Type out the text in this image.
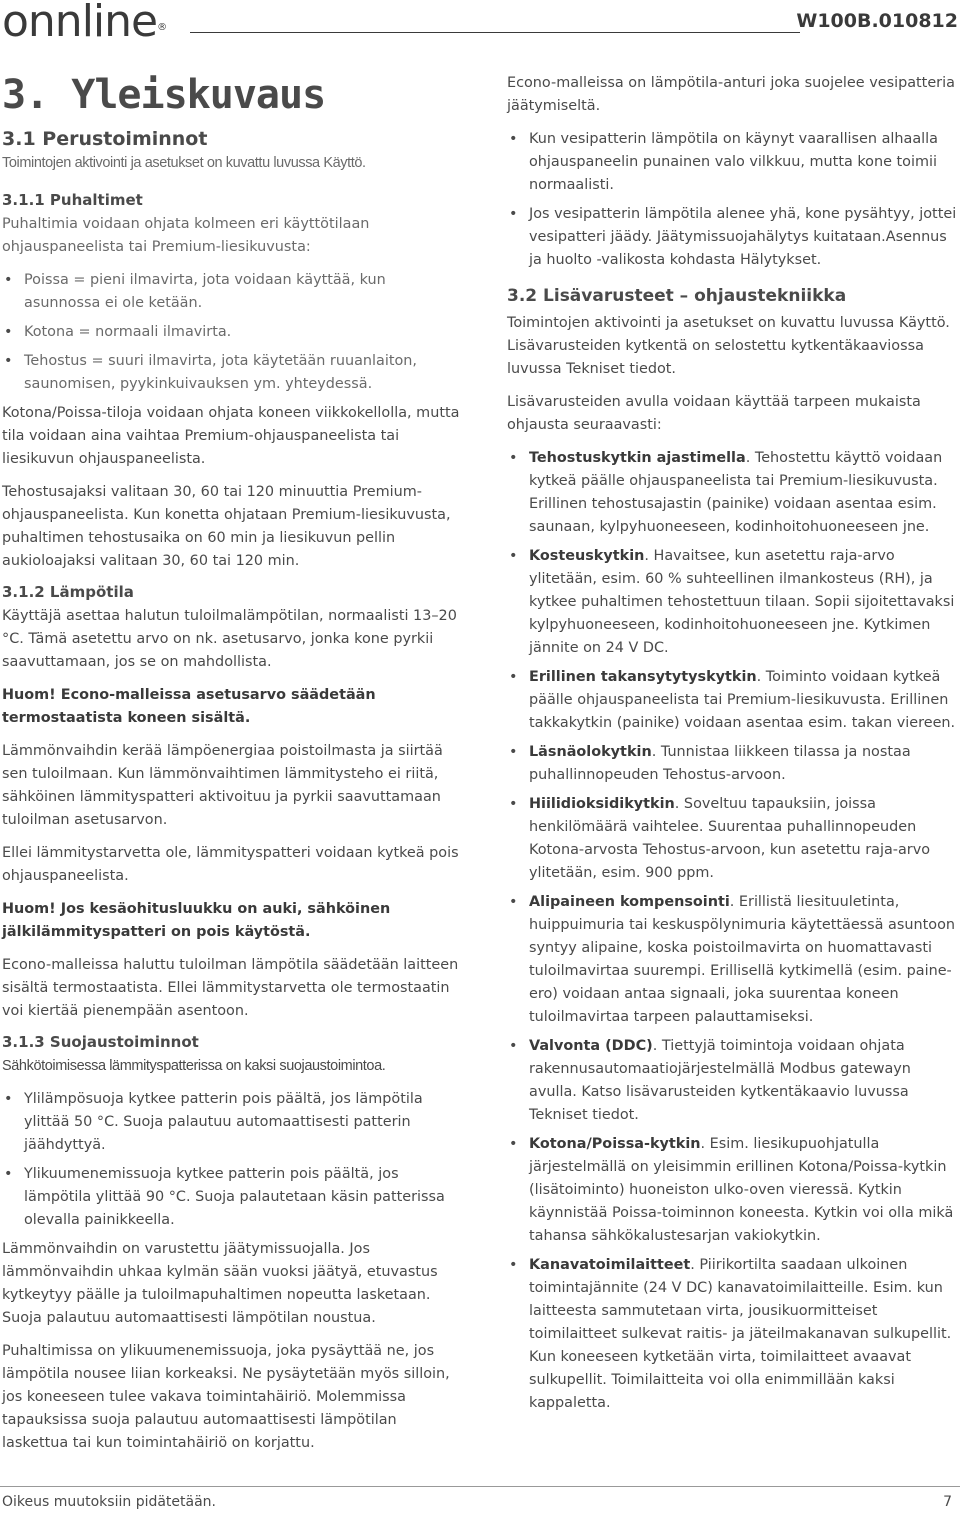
onnline®	W100B.010812
3. Yleiskuvaus
3.1 Perustoiminnot

Toimintojen aktivointi ja asetukset on kuvattu luvussa Käyttö.

3.1.1 Puhaltimet

Puhaltimia voidaan ohjata kolmeen eri käyttötilaan ohjauspaneelista tai Premium-liesikuvusta:

• Poissa = pieni ilmavirta, jota voidaan käyttää, kun asunnossa ei ole ketään.
• Kotona = normaali ilmavirta.
• Tehostus = suuri ilmavirta, jota käytetään ruuanlaiton, saunomisen, pyykinkuivauksen ym. yhteydessä.

Kotona/Poissa-tiloja voidaan ohjata koneen viikkokellolla, mutta tila voidaan aina vaihtaa Premium-ohjauspaneelista tai liesikuvun ohjauspaneelista.

Tehostusajaksi valitaan 30, 60 tai 120 minuuttia Premium-ohjauspaneelista. Kun konetta ohjataan Premium-liesikuvusta, puhaltimen tehostusaika on 60 min ja liesikuvun pellin aukioloajaksi valitaan 30, 60 tai 120 min.

3.1.2 Lämpötila

Käyttäjä asettaa halutun tuloilmalämpötilan, normaalisti 13–20 °C. Tämä asetettu arvo on nk. asetusarvo, jonka kone pyrkii saavuttamaan, jos se on mahdollista.

Huom! Econo-malleissa asetusarvo säädetään termostaatista koneen sisältä.

Lämmönvaihdin kerää lämpöenergiaa poistoilmasta ja siirtää sen tuloilmaan. Kun lämmönvaihtimen lämmitysteho ei riitä, sähköinen lämmityspatteri aktivoituu ja pyrkii saavuttamaan tuloilman asetusarvon.

Ellei lämmitystarvetta ole, lämmityspatteri voidaan kytkeä pois ohjauspaneelista.

Huom! Jos kesäohitusluukku on auki, sähköinen jälkilämmityspatteri on pois käytöstä.

Econo-malleissa haluttu tuloilman lämpötila säädetään laitteen sisältä termostaatista. Ellei lämmitystarvetta ole termostaatin voi kiertää pienempään asentoon.

3.1.3 Suojaustoiminnot

Sähkötoimisessa lämmityspatterissa on kaksi suojaustoimintoa.

• Ylilämpösuoja kytkee patterin pois päältä, jos lämpötila ylittää 50 °C. Suoja palautuu automaattisesti patterin jäähdyttyä.
• Ylikuumenemissuoja kytkee patterin pois päältä, jos lämpötila ylittää 90 °C. Suoja palautetaan käsin patterissa olevalla painikkeella.

Lämmönvaihdin on varustettu jäätymissuojalla. Jos lämmönvaihdin uhkaa kylmän sään vuoksi jäätyä, etuvastus kytkeytyy päälle ja tuloilmapuhaltimen nopeutta lasketaan. Suoja palautuu automaattisesti lämpötilan noustua.

Puhaltimissa on ylikuumenemissuoja, joka pysäyttää ne, jos lämpötila nousee liian korkeaksi. Ne pysäytetään myös silloin, jos koneeseen tulee vakava toimintahäiriö. Molemmissa tapauksissa suoja palautuu automaattisesti lämpötilan laskettua tai kun toimintahäiriö on korjattu.

Econo-malleissa on lämpötila-anturi joka suojelee vesipatteria jäätymiseltä.

• Kun vesipatterin lämpötila on käynyt vaarallisen alhaalla ohjauspaneelin punainen valo vilkkuu, mutta kone toimii normaalisti.
• Jos vesipatterin lämpötila alenee yhä, kone pysähtyy, jottei vesipatteri jäädy. Jäätymissuojahälytys kuitataan.Asennus ja huolto -valikosta kohdasta Hälytykset.
3.2 Lisävarusteet – ohjaustekniikka

Toimintojen aktivointi ja asetukset on kuvattu luvussa Käyttö. Lisävarusteiden kytkentä on selostettu kytkentäkaaviossa luvussa Tekniset tiedot.

Lisävarusteiden avulla voidaan käyttää tarpeen mukaista ohjausta seuraavasti:

• Tehostuskytkin ajastimella. Tehostettu käyttö voidaan kytkeä päälle ohjauspaneelista tai Premium-liesikuvusta. Erillinen tehostusajastin (painike) voidaan asentaa esim. saunaan, kylpyhuoneeseen, kodinhoitohuoneeseen jne.
• Kosteuskytkin. Havaitsee, kun asetettu raja-arvo ylitetään, esim. 60 % suhteellinen ilmankosteus (RH), ja kytkee puhaltimen tehostettuun tilaan. Sopii sijoitettavaksi kylpyhuoneeseen, kodinhoitohuoneeseen jne. Kytkimen jännite on 24 V DC.
• Erillinen takansytytyskytkin. Toiminto voidaan kytkeä päälle ohjauspaneelista tai Premium-liesikuvusta. Erillinen takkakytkin (painike) voidaan asentaa esim. takan viereen.
• Läsnäolokytkin. Tunnistaa liikkeen tilassa ja nostaa puhallinnopeuden Tehostus-arvoon.
• Hiilidioksidikytkin. Soveltuu tapauksiin, joissa henkilömäärä vaihtelee. Suurentaa puhallinnopeuden Kotona-arvosta Tehostus-arvoon, kun asetettu raja-arvo ylitetään, esim. 900 ppm.
• Alipaineen kompensointi. Erillistä liesituuletinta, huippuimuria tai keskuspölynimuria käytettäessä asuntoon syntyy alipaine, koska poistoilmavirta on huomattavasti tuloilmavirtaa suurempi. Erillisellä kytkimellä (esim. paine-ero) voidaan antaa signaali, joka suurentaa koneen tuloilmavirtaa tarpeen palauttamiseksi.
• Valvonta (DDC). Tiettyjä toimintoja voidaan ohjata rakennusautomaatiojärjestelmällä Modbus gatewayn avulla. Katso lisävarusteiden kytkentäkaavio luvussa Tekniset tiedot.
• Kotona/Poissa-kytkin. Esim. liesikupuohjatulla järjestelmällä on yleisimmin erillinen Kotona/Poissa-kytkin (lisätoiminto) huoneiston ulko-oven vieressä. Kytkin käynnistää Poissa-toiminnon koneesta. Kytkin voi olla mikä tahansa sähkökalustesarjan vakiokytkin.
• Kanavatoimilaitteet. Piirikortilta saadaan ulkoinen toimintajännite (24 V DC) kanavatoimilaitteille. Esim. kun laitteesta sammutetaan virta, jousikuormitteiset toimilaitteet sulkevat raitis- ja jäteilmakanavan sulkupellit. Kun koneeseen kytketään virta, toimilaitteet avaavat sulkupellit. Toimilaitteita voi olla enimmillään kaksi kappaletta.
Oikeus muutoksiin pidätetään.	7
